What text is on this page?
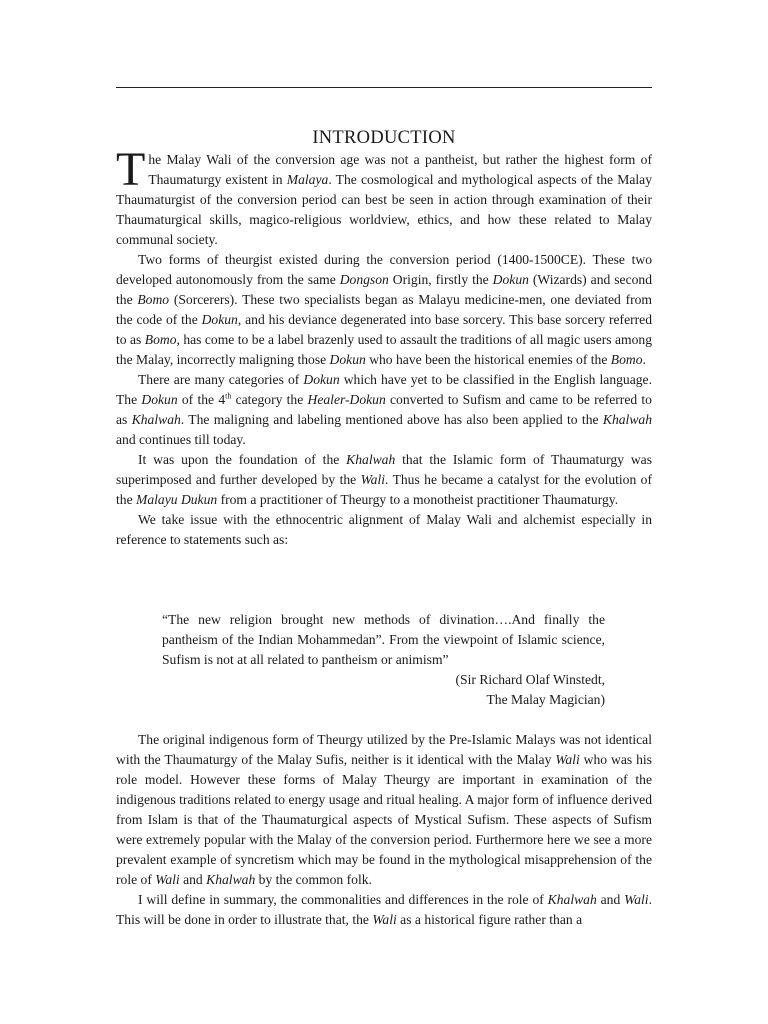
INTRODUCTION

The Malay Wali of the conversion age was not a pantheist, but rather the highest form of Thaumaturgy existent in Malaya. The cosmological and mythological aspects of the Malay Thaumaturgist of the conversion period can best be seen in action through examination of their Thaumaturgical skills, magico-religious worldview, ethics, and how these related to Malay communal society.

Two forms of theurgist existed during the conversion period (1400-1500CE). These two developed autonomously from the same Dongson Origin, firstly the Dokun (Wizards) and second the Bomo (Sorcerers). These two specialists began as Malayu medicine-men, one deviated from the code of the Dokun, and his deviance degenerated into base sorcery. This base sorcery referred to as Bomo, has come to be a label brazenly used to assault the traditions of all magic users among the Malay, incorrectly maligning those Dokun who have been the historical enemies of the Bomo.

There are many categories of Dokun which have yet to be classified in the English language. The Dokun of the 4th category the Healer-Dokun converted to Sufism and came to be referred to as Khalwah. The maligning and labeling mentioned above has also been applied to the Khalwah and continues till today.

It was upon the foundation of the Khalwah that the Islamic form of Thaumaturgy was superimposed and further developed by the Wali. Thus he became a catalyst for the evolution of the Malayu Dukun from a practitioner of Theurgy to a monotheist practitioner Thaumaturgy.

We take issue with the ethnocentric alignment of Malay Wali and alchemist especially in reference to statements such as:

“The new religion brought new methods of divination….And finally the pantheism of the Indian Mohammedan”. From the viewpoint of Islamic science, Sufism is not at all related to pantheism or animism”

(Sir Richard Olaf Winstedt,

The Malay Magician)

The original indigenous form of Theurgy utilized by the Pre-Islamic Malays was not identical with the Thaumaturgy of the Malay Sufis, neither is it identical with the Malay Wali who was his role model. However these forms of Malay Theurgy are important in examination of the indigenous traditions related to energy usage and ritual healing. A major form of influence derived from Islam is that of the Thaumaturgical aspects of Mystical Sufism. These aspects of Sufism were extremely popular with the Malay of the conversion period. Furthermore here we see a more prevalent example of syncretism which may be found in the mythological misapprehension of the role of Wali and Khalwah by the common folk.

I will define in summary, the commonalities and differences in the role of Khalwah and Wali. This will be done in order to illustrate that, the Wali as a historical figure rather than a
